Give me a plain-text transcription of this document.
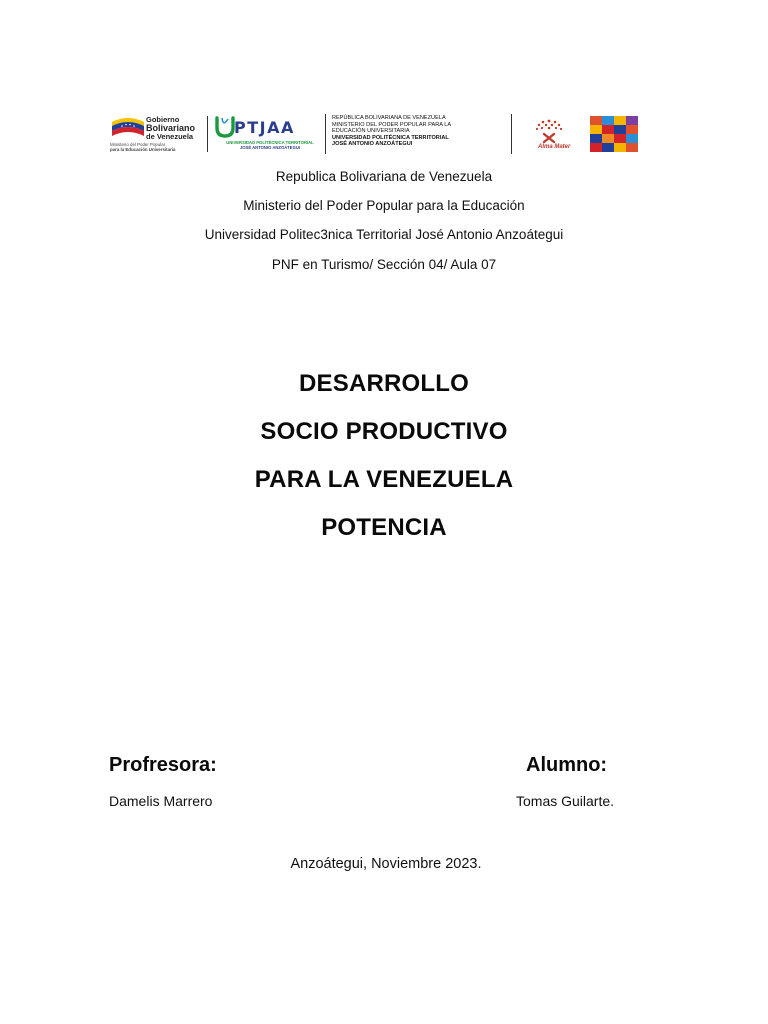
Gobierno
Bolivariano
de Venezuela
Ministerio del Poder Popular
para la Educación Universitaria
PTJAA
UNIVERSIDAD POLITÉCNICA TERRITORIAL
JOSÉ ANTONIO ANZOÁTEGUI
REPÚBLICA BOLIVARIANA DE VENEZUELA
MINISTERIO DEL PODER POPULAR PARA LA
EDUCACIÓN UNIVERSITARIA
UNIVERSIDAD POLITÉCNICA TERRITORIAL
JOSÉ ANTONIO ANZOÁTEGUI	Alma Mater
A
Republica Bolivariana de Venezuela
Ministerio del Poder Popular para la Educación
Universidad Politec3nica Territorial José Antonio Anzoátegui
PNF en Turismo/ Sección 04/ Aula 07
DESARROLLO
SOCIO PRODUCTIVO
PARA LA VENEZUELA
POTENCIA
Profresora:
Damelis Marrero
Alumno:
Tomas Guilarte.
Anzoátegui, Noviembre 2023.
